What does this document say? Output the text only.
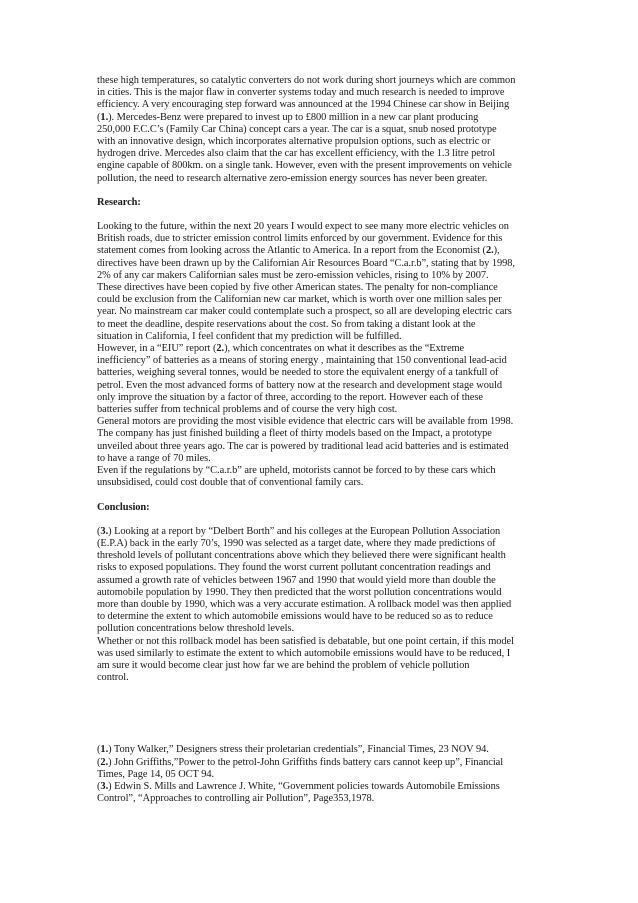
these high temperatures, so catalytic converters do not work during short journeys which are common
in cities. This is the major flaw in converter systems today and much research is needed to improve
efficiency. A very encouraging step forward was announced at the 1994 Chinese car show in Beijing
(1.). Mercedes-Benz were prepared to invest up to £800 million in a new car plant producing
250,000 F.C.C’s (Family Car China) concept cars a year. The car is a squat, snub nosed prototype
with an innovative design, which incorporates alternative propulsion options, such as electric or
hydrogen drive. Mercedes also claim that the car has excellent efficiency, with the 1.3 litre petrol
engine capable of 800km. on a single tank. However, even with the present improvements on vehicle
pollution, the need to research alternative zero-emission energy sources has never been greater.
Research:
Looking to the future, within the next 20 years I would expect to see many more electric vehicles on
British roads, due to stricter emission control limits enforced by our government. Evidence for this
statement comes from looking across the Atlantic to America. In a report from the Economist (2.),
directives have been drawn up by the Californian Air Resources Board “C.a.r.b”, stating that by 1998,
2% of any car makers Californian sales must be zero-emission vehicles, rising to 10% by 2007.
These directives have been copied by five other American states. The penalty for non-compliance
could be exclusion from the Californian new car market, which is worth over one million sales per
year. No mainstream car maker could contemplate such a prospect, so all are developing electric cars
to meet the deadline, despite reservations about the cost. So from taking a distant look at the
situation in California, I feel confident that my prediction will be fulfilled.
However, in a “EIU” report (2.), which concentrates on what it describes as the “Extreme
inefficiency” of batteries as a means of storing energy , maintaining that 150 conventional lead-acid
batteries, weighing several tonnes, would be needed to store the equivalent energy of a tankfull of
petrol. Even the most advanced forms of battery now at the research and development stage would
only improve the situation by a factor of three, according to the report. However each of these
batteries suffer from technical problems and of course the very high cost.
General motors are providing the most visible evidence that electric cars will be available from 1998.
The company has just finished building a fleet of thirty models based on the Impact, a prototype
unveiled about three years ago. The car is powered by traditional lead acid batteries and is estimated
to have a range of 70 miles.
Even if the regulations by “C.a.r.b” are upheld, motorists cannot be forced to by these cars which
unsubsidised, could cost double that of conventional family cars.
Conclusion:
(3.) Looking at a report by “Delbert Borth” and his colleges at the European Pollution Association
(E.P.A) back in the early 70’s, 1990 was selected as a target date, where they made predictions of
threshold levels of pollutant concentrations above which they believed there were significant health
risks to exposed populations. They found the worst current pollutant concentration readings and
assumed a growth rate of vehicles between 1967 and 1990 that would yield more than double the
automobile population by 1990. They then predicted that the worst pollution concentrations would
more than double by 1990, which was a very accurate estimation. A rollback model was then applied
to determine the extent to which automobile emissions would have to be reduced so as to reduce
pollution concentrations below threshold levels.
Whether or not this rollback model has been satisfied is debatable, but one point certain, if this model
was used similarly to estimate the extent to which automobile emissions would have to be reduced, I
am sure it would become clear just how far we are behind the problem of vehicle pollution
control.
(1.) Tony Walker,” Designers stress their proletarian credentials”, Financial Times, 23 NOV 94.
(2.) John Griffiths,”Power to the petrol-John Griffiths finds battery cars cannot keep up”, Financial
Times, Page 14, 05 OCT 94.
(3.) Edwin S. Mills and Lawrence J. White, “Government policies towards Automobile Emissions
Control”, “Approaches to controlling air Pollution”, Page353,1978.
